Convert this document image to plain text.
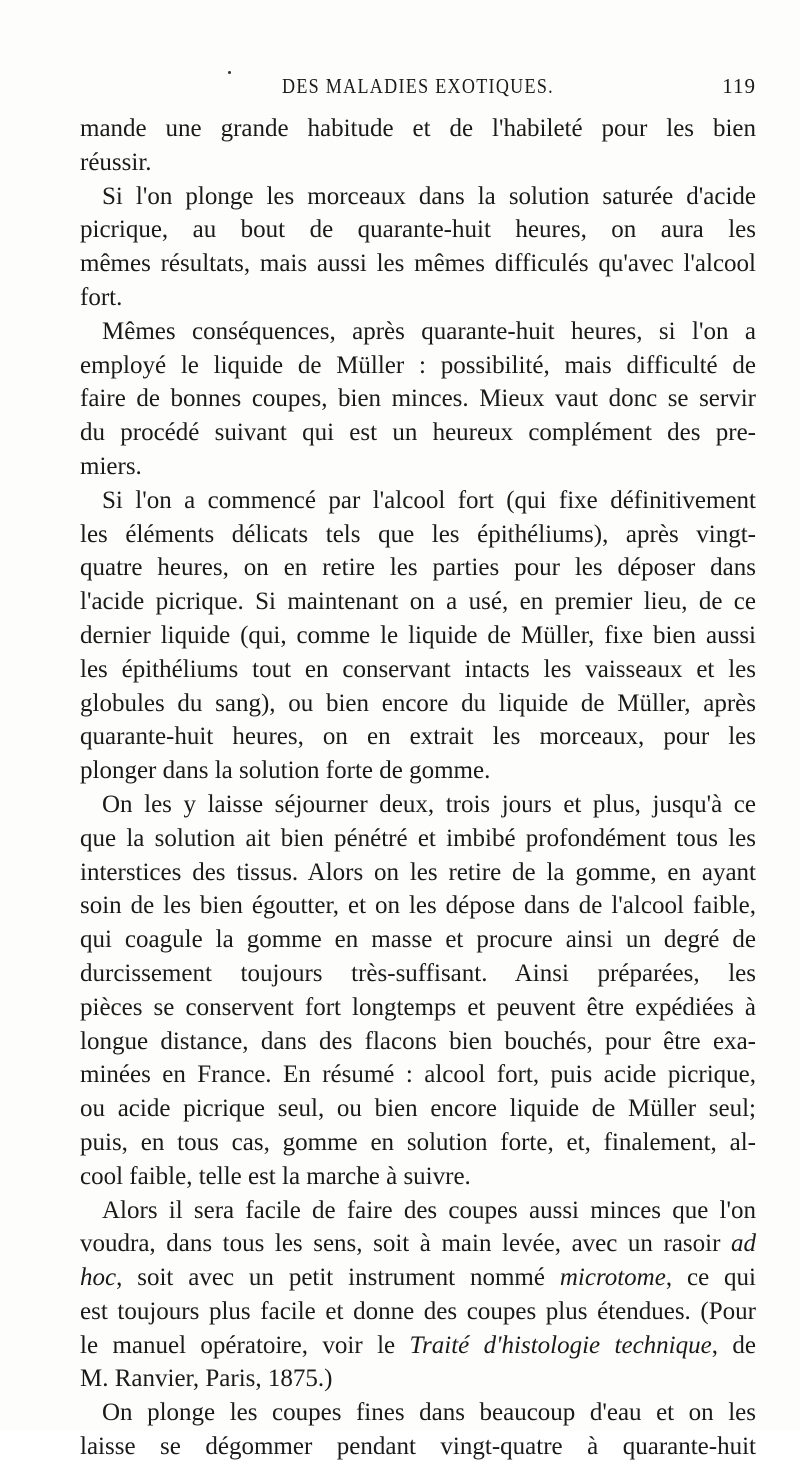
DES MALADIES EXOTIQUES.	119
mande une grande habitude et de l'habileté pour les bien
réussir.
Si l'on plonge les morceaux dans la solution saturée d'acide
picrique, au bout de quarante-huit heures, on aura les
mêmes résultats, mais aussi les mêmes difficulés qu'avec l'alcool
fort.
Mêmes conséquences, après quarante-huit heures, si l'on a
employé le liquide de Müller : possibilité, mais difficulté de
faire de bonnes coupes, bien minces. Mieux vaut donc se servir
du procédé suivant qui est un heureux complément des pre-
miers.
Si l'on a commencé par l'alcool fort (qui fixe définitivement
les éléments délicats tels que les épithéliums), après vingt-
quatre heures, on en retire les parties pour les déposer dans
l'acide picrique. Si maintenant on a usé, en premier lieu, de ce
dernier liquide (qui, comme le liquide de Müller, fixe bien aussi
les épithéliums tout en conservant intacts les vaisseaux et les
globules du sang), ou bien encore du liquide de Müller, après
quarante-huit heures, on en extrait les morceaux, pour les
plonger dans la solution forte de gomme.
On les y laisse séjourner deux, trois jours et plus, jusqu'à ce
que la solution ait bien pénétré et imbibé profondément tous les
interstices des tissus. Alors on les retire de la gomme, en ayant
soin de les bien égoutter, et on les dépose dans de l'alcool faible,
qui coagule la gomme en masse et procure ainsi un degré de
durcissement toujours très-suffisant. Ainsi préparées, les
pièces se conservent fort longtemps et peuvent être expédiées à
longue distance, dans des flacons bien bouchés, pour être exa-
minées en France. En résumé : alcool fort, puis acide picrique,
ou acide picrique seul, ou bien encore liquide de Müller seul;
puis, en tous cas, gomme en solution forte, et, finalement, al-
cool faible, telle est la marche à suivre.
Alors il sera facile de faire des coupes aussi minces que l'on
voudra, dans tous les sens, soit à main levée, avec un rasoir ad
hoc, soit avec un petit instrument nommé microtome, ce qui
est toujours plus facile et donne des coupes plus étendues. (Pour
le manuel opératoire, voir le Traité d'histologie technique, de
M. Ranvier, Paris, 1875.)
On plonge les coupes fines dans beaucoup d'eau et on les
laisse se dégommer pendant vingt-quatre à quarante-huit
